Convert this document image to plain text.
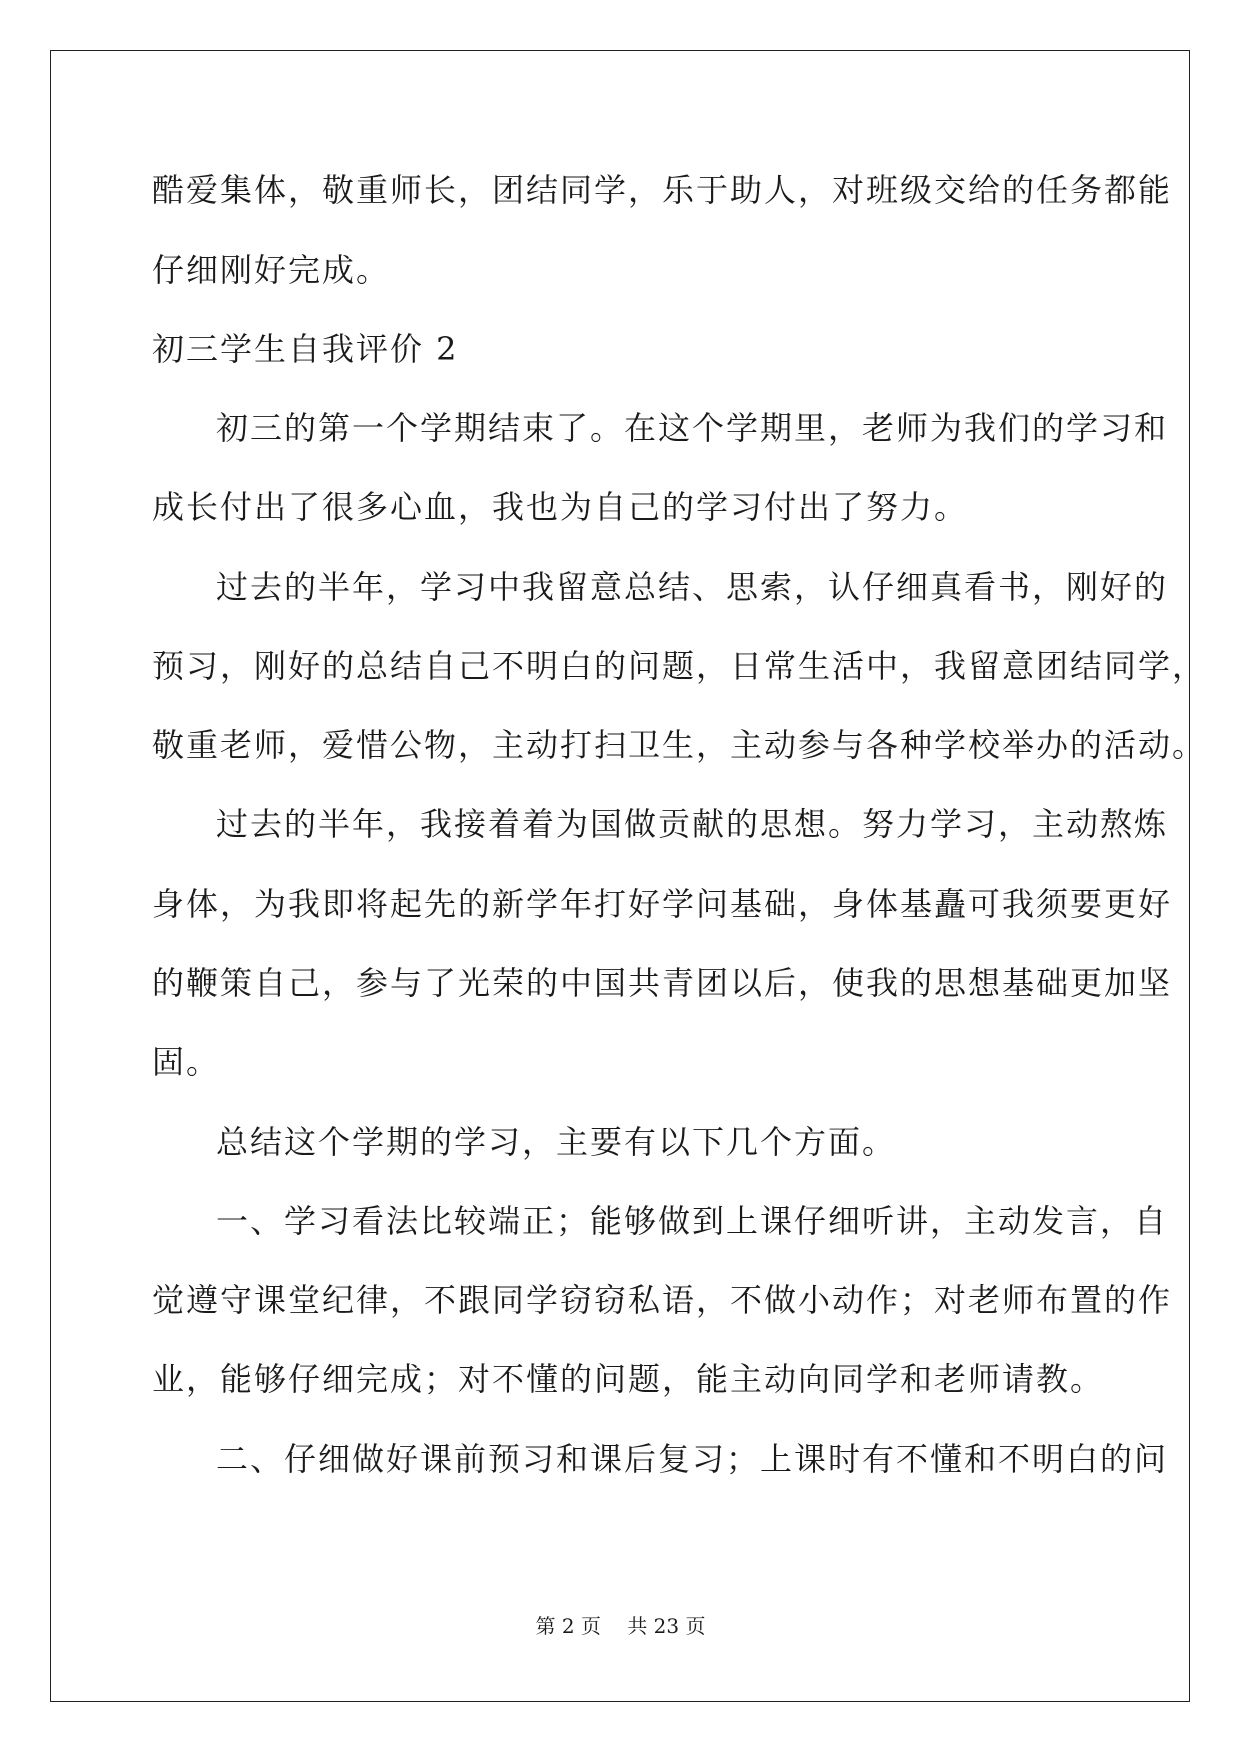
酷爱集体，敬重师长，团结同学，乐于助人，对班级交给的任务都能
仔细刚好完成。
初三学生自我评价 2
初三的第一个学期结束了。在这个学期里，老师为我们的学习和
成长付出了很多心血，我也为自己的学习付出了努力。
过去的半年，学习中我留意总结、思索，认仔细真看书，刚好的
预习，刚好的总结自己不明白的问题，日常生活中，我留意团结同学，
敬重老师，爱惜公物，主动打扫卫生，主动参与各种学校举办的活动。
过去的半年，我接着着为国做贡献的思想。努力学习，主动熬炼
身体，为我即将起先的新学年打好学问基础，身体基矗可我须要更好
的鞭策自己，参与了光荣的中国共青团以后，使我的思想基础更加坚
固。
总结这个学期的学习，主要有以下几个方面。
一、学习看法比较端正；能够做到上课仔细听讲，主动发言，自
觉遵守课堂纪律，不跟同学窃窃私语，不做小动作；对老师布置的作
业，能够仔细完成；对不懂的问题，能主动向同学和老师请教。
二、仔细做好课前预习和课后复习；上课时有不懂和不明白的问
第 2 页 共 23 页
